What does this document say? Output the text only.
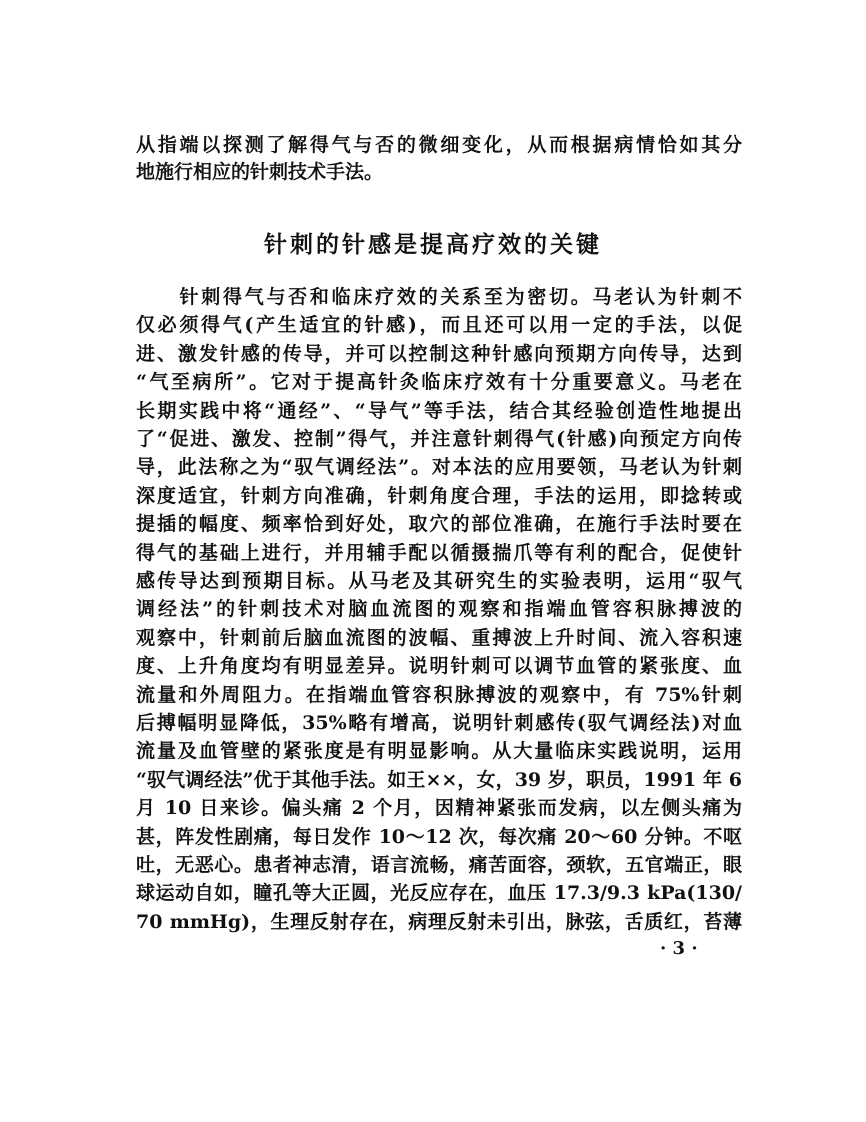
从指端以探测了解得气与否的微细变化，从而根据病情恰如其分
地施行相应的针刺技术手法。
针刺的针感是提高疗效的关键
　　针刺得气与否和临床疗效的关系至为密切。马老认为针刺不
仅必须得气(产生适宜的针感)，而且还可以用一定的手法，以促
进、激发针感的传导，并可以控制这种针感向预期方向传导，达到
“气至病所”。它对于提高针灸临床疗效有十分重要意义。马老在
长期实践中将“通经”、“导气”等手法，结合其经验创造性地提出
了“促进、激发、控制”得气，并注意针刺得气(针感)向预定方向传
导，此法称之为“驭气调经法”。对本法的应用要领，马老认为针刺
深度适宜，针刺方向准确，针刺角度合理，手法的运用，即捻转或
提插的幅度、频率恰到好处，取穴的部位准确，在施行手法时要在
得气的基础上进行，并用辅手配以循摄揣爪等有利的配合，促使针
感传导达到预期目标。从马老及其研究生的实验表明，运用“驭气
调经法”的针刺技术对脑血流图的观察和指端血管容积脉搏波的
观察中，针刺前后脑血流图的波幅、重搏波上升时间、流入容积速
度、上升角度均有明显差异。说明针刺可以调节血管的紧张度、血
流量和外周阻力。在指端血管容积脉搏波的观察中，有 75%针刺
后搏幅明显降低，35%略有增高，说明针刺感传(驭气调经法)对血
流量及血管壁的紧张度是有明显影响。从大量临床实践说明，运用
“驭气调经法”优于其他手法。如王××，女，39 岁，职员，1991 年 6
月 10 日来诊。偏头痛 2 个月，因精神紧张而发病，以左侧头痛为
甚，阵发性剧痛，每日发作 10～12 次，每次痛 20～60 分钟。不呕
吐，无恶心。患者神志清，语言流畅，痛苦面容，颈软，五官端正，眼
球运动自如，瞳孔等大正圆，光反应存在，血压 17.3/9.3 kPa(130/
70 mmHg)，生理反射存在，病理反射未引出，脉弦，舌质红，苔薄
· 3 ·
